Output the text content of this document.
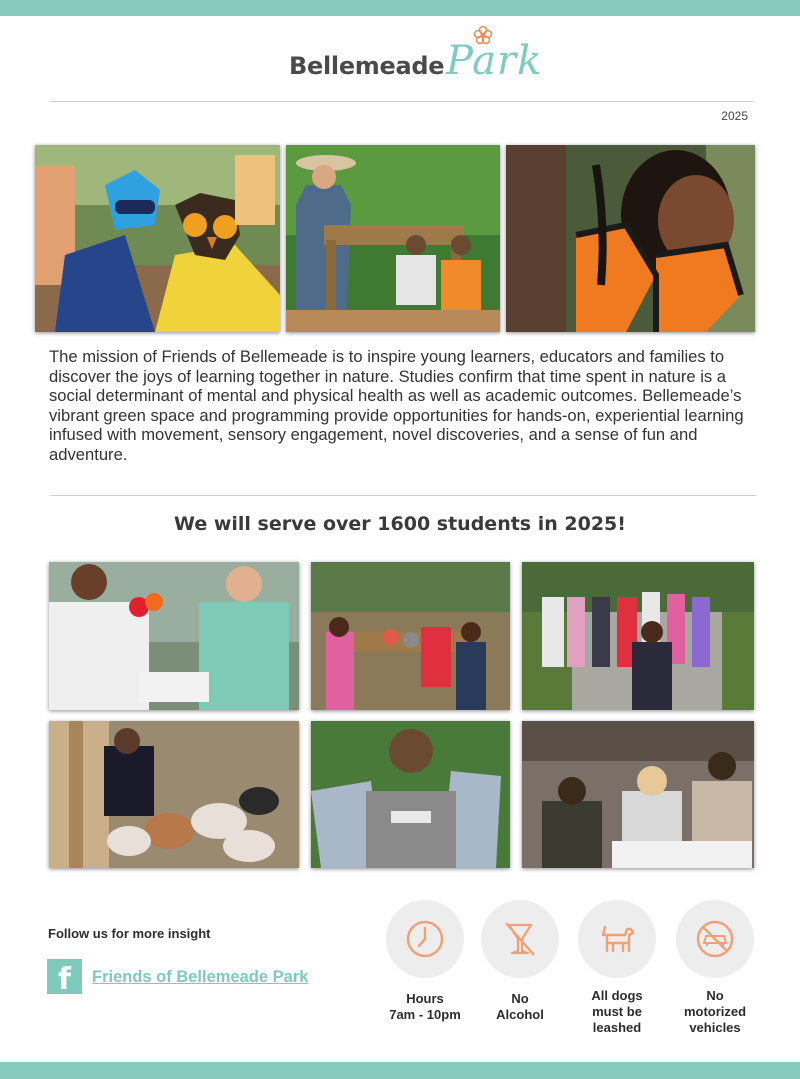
Bellemeade Park
2025

The mission of Friends of Bellemeade is to inspire young learners, educators and families to discover the joys of learning together in nature. Studies confirm that time spent in nature is a social determinant of mental and physical health as well as academic outcomes. Bellemeade’s vibrant green space and programming provide opportunities for hands-on, experiential learning infused with movement, sensory engagement, novel discoveries, and a sense of fun and adventure.

We will serve over 1600 students in 2025!
Follow us for more insight
f Friends of Bellemeade Park
Hours
7am - 10pm
No
Alcohol
All dogs
must be
leashed
No
motorized
vehicles
